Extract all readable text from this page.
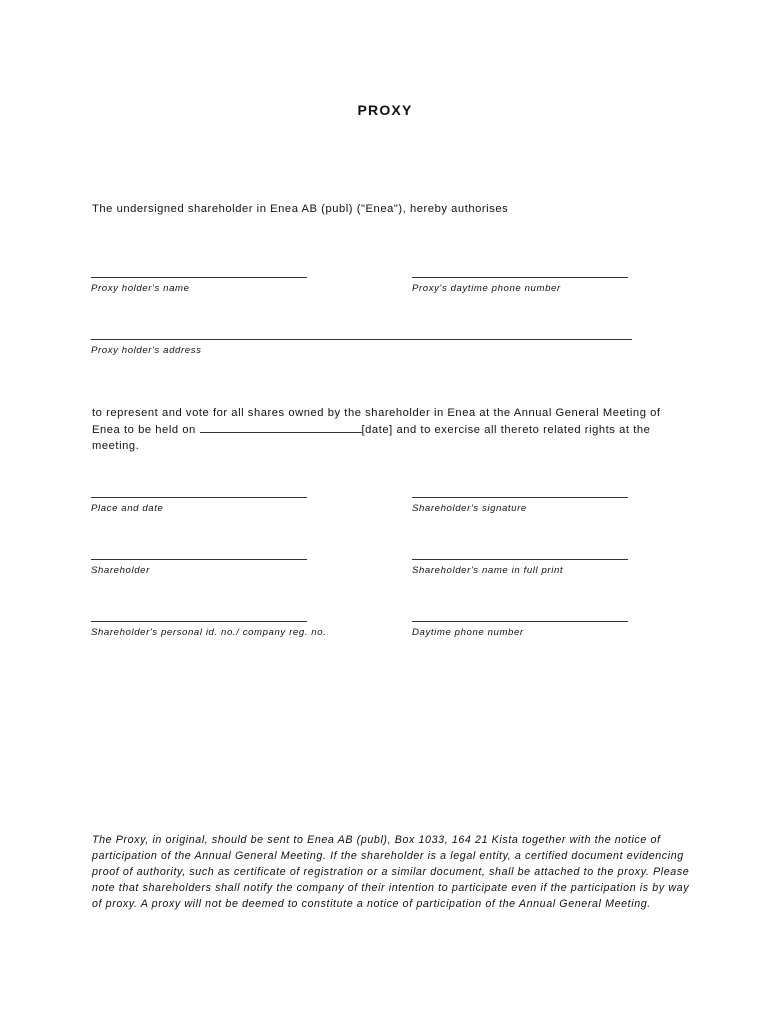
PROXY
The undersigned shareholder in Enea AB (publ) ("Enea"), hereby authorises
Proxy holder's name	Proxy's daytime phone number
Proxy holder's address
to represent and vote for all shares owned by the shareholder in Enea at the Annual General Meeting of Enea to be held on	[date] and to exercise all thereto related rights at the meeting.
Place and date	Shareholder's signature
Shareholder	Shareholder's name in full print
Shareholder's personal id. no./ company reg. no.	Daytime phone number
The Proxy, in original, should be sent to Enea AB (publ), Box 1033, 164 21 Kista together with the notice of participation of the Annual General Meeting. If the shareholder is a legal entity, a certified document evidencing proof of authority, such as certificate of registration or a similar document, shall be attached to the proxy. Please note that shareholders shall notify the company of their intention to participate even if the participation is by way of proxy. A proxy will not be deemed to constitute a notice of participation of the Annual General Meeting.
